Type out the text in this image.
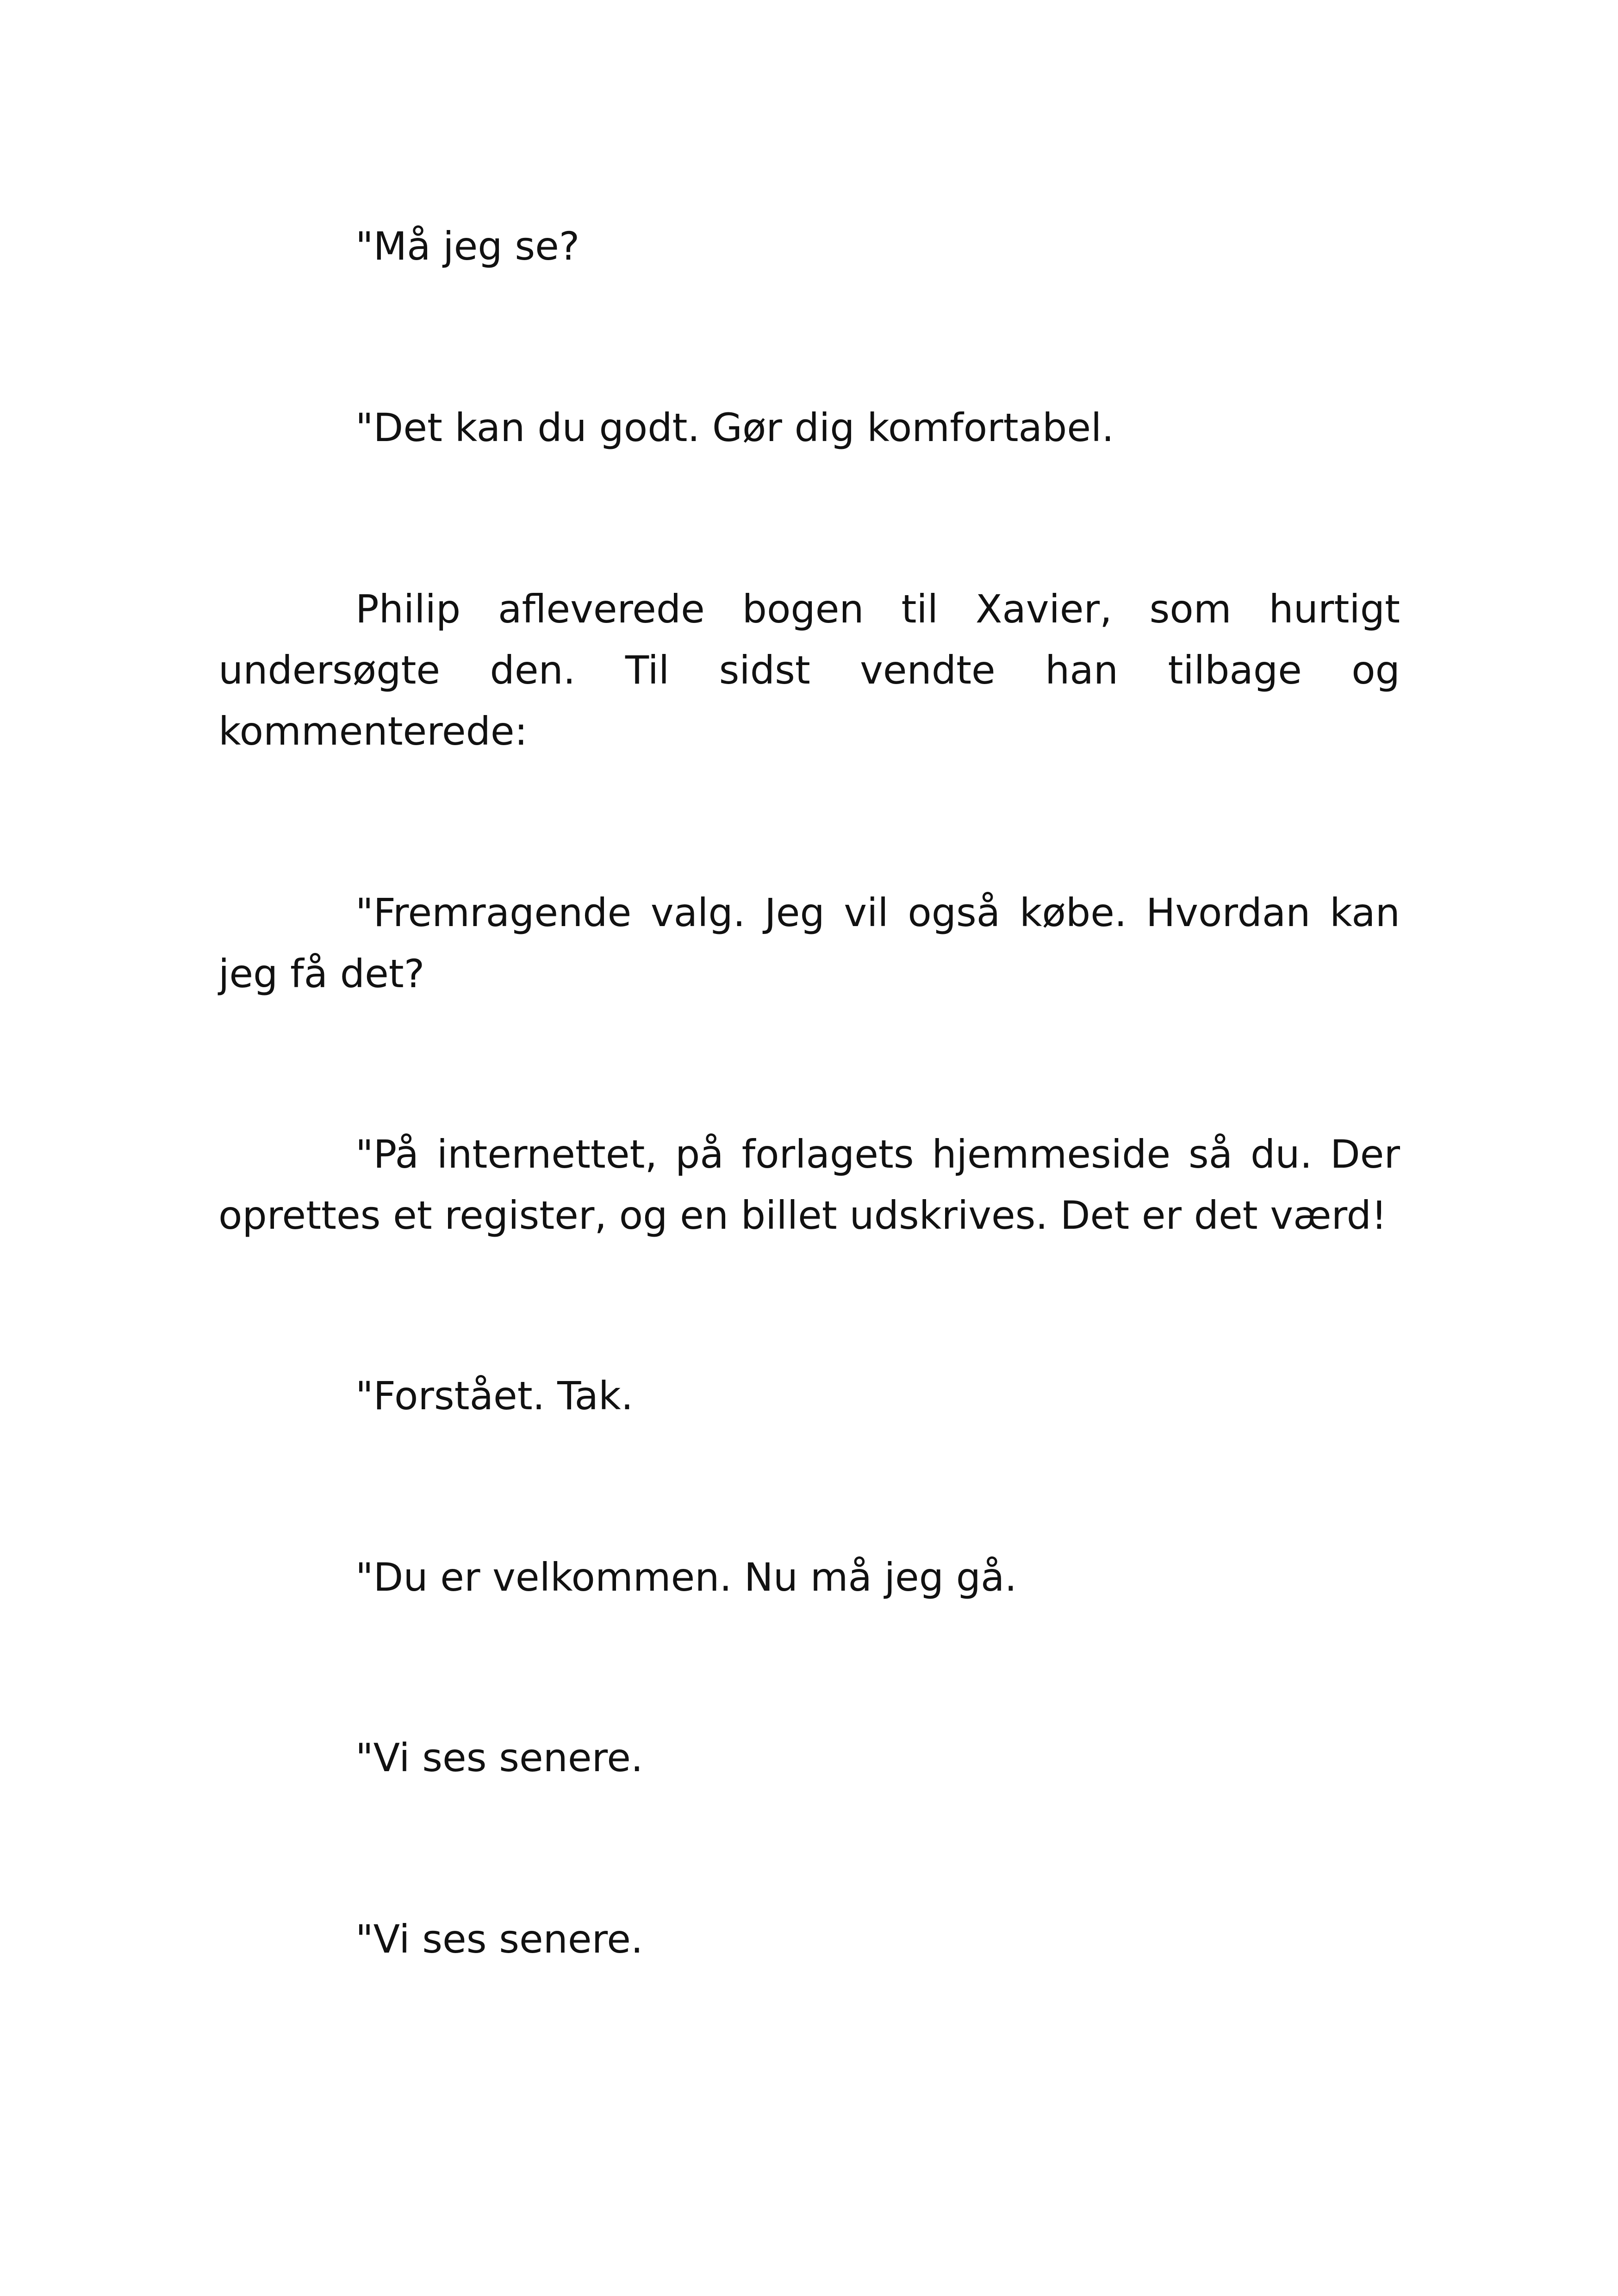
"Må jeg se?

"Det kan du godt. Gør dig komfortabel.

Philip afleverede bogen til Xavier, som hurtigt undersøgte den. Til sidst vendte han tilbage og kommenterede:

"Fremragende valg. Jeg vil også købe. Hvordan kan jeg få det?

"På internettet, på forlagets hjemmeside så du. Der oprettes et register, og en billet udskrives. Det er det værd!

"Forstået. Tak.

"Du er velkommen. Nu må jeg gå.

"Vi ses senere.

"Vi ses senere.
